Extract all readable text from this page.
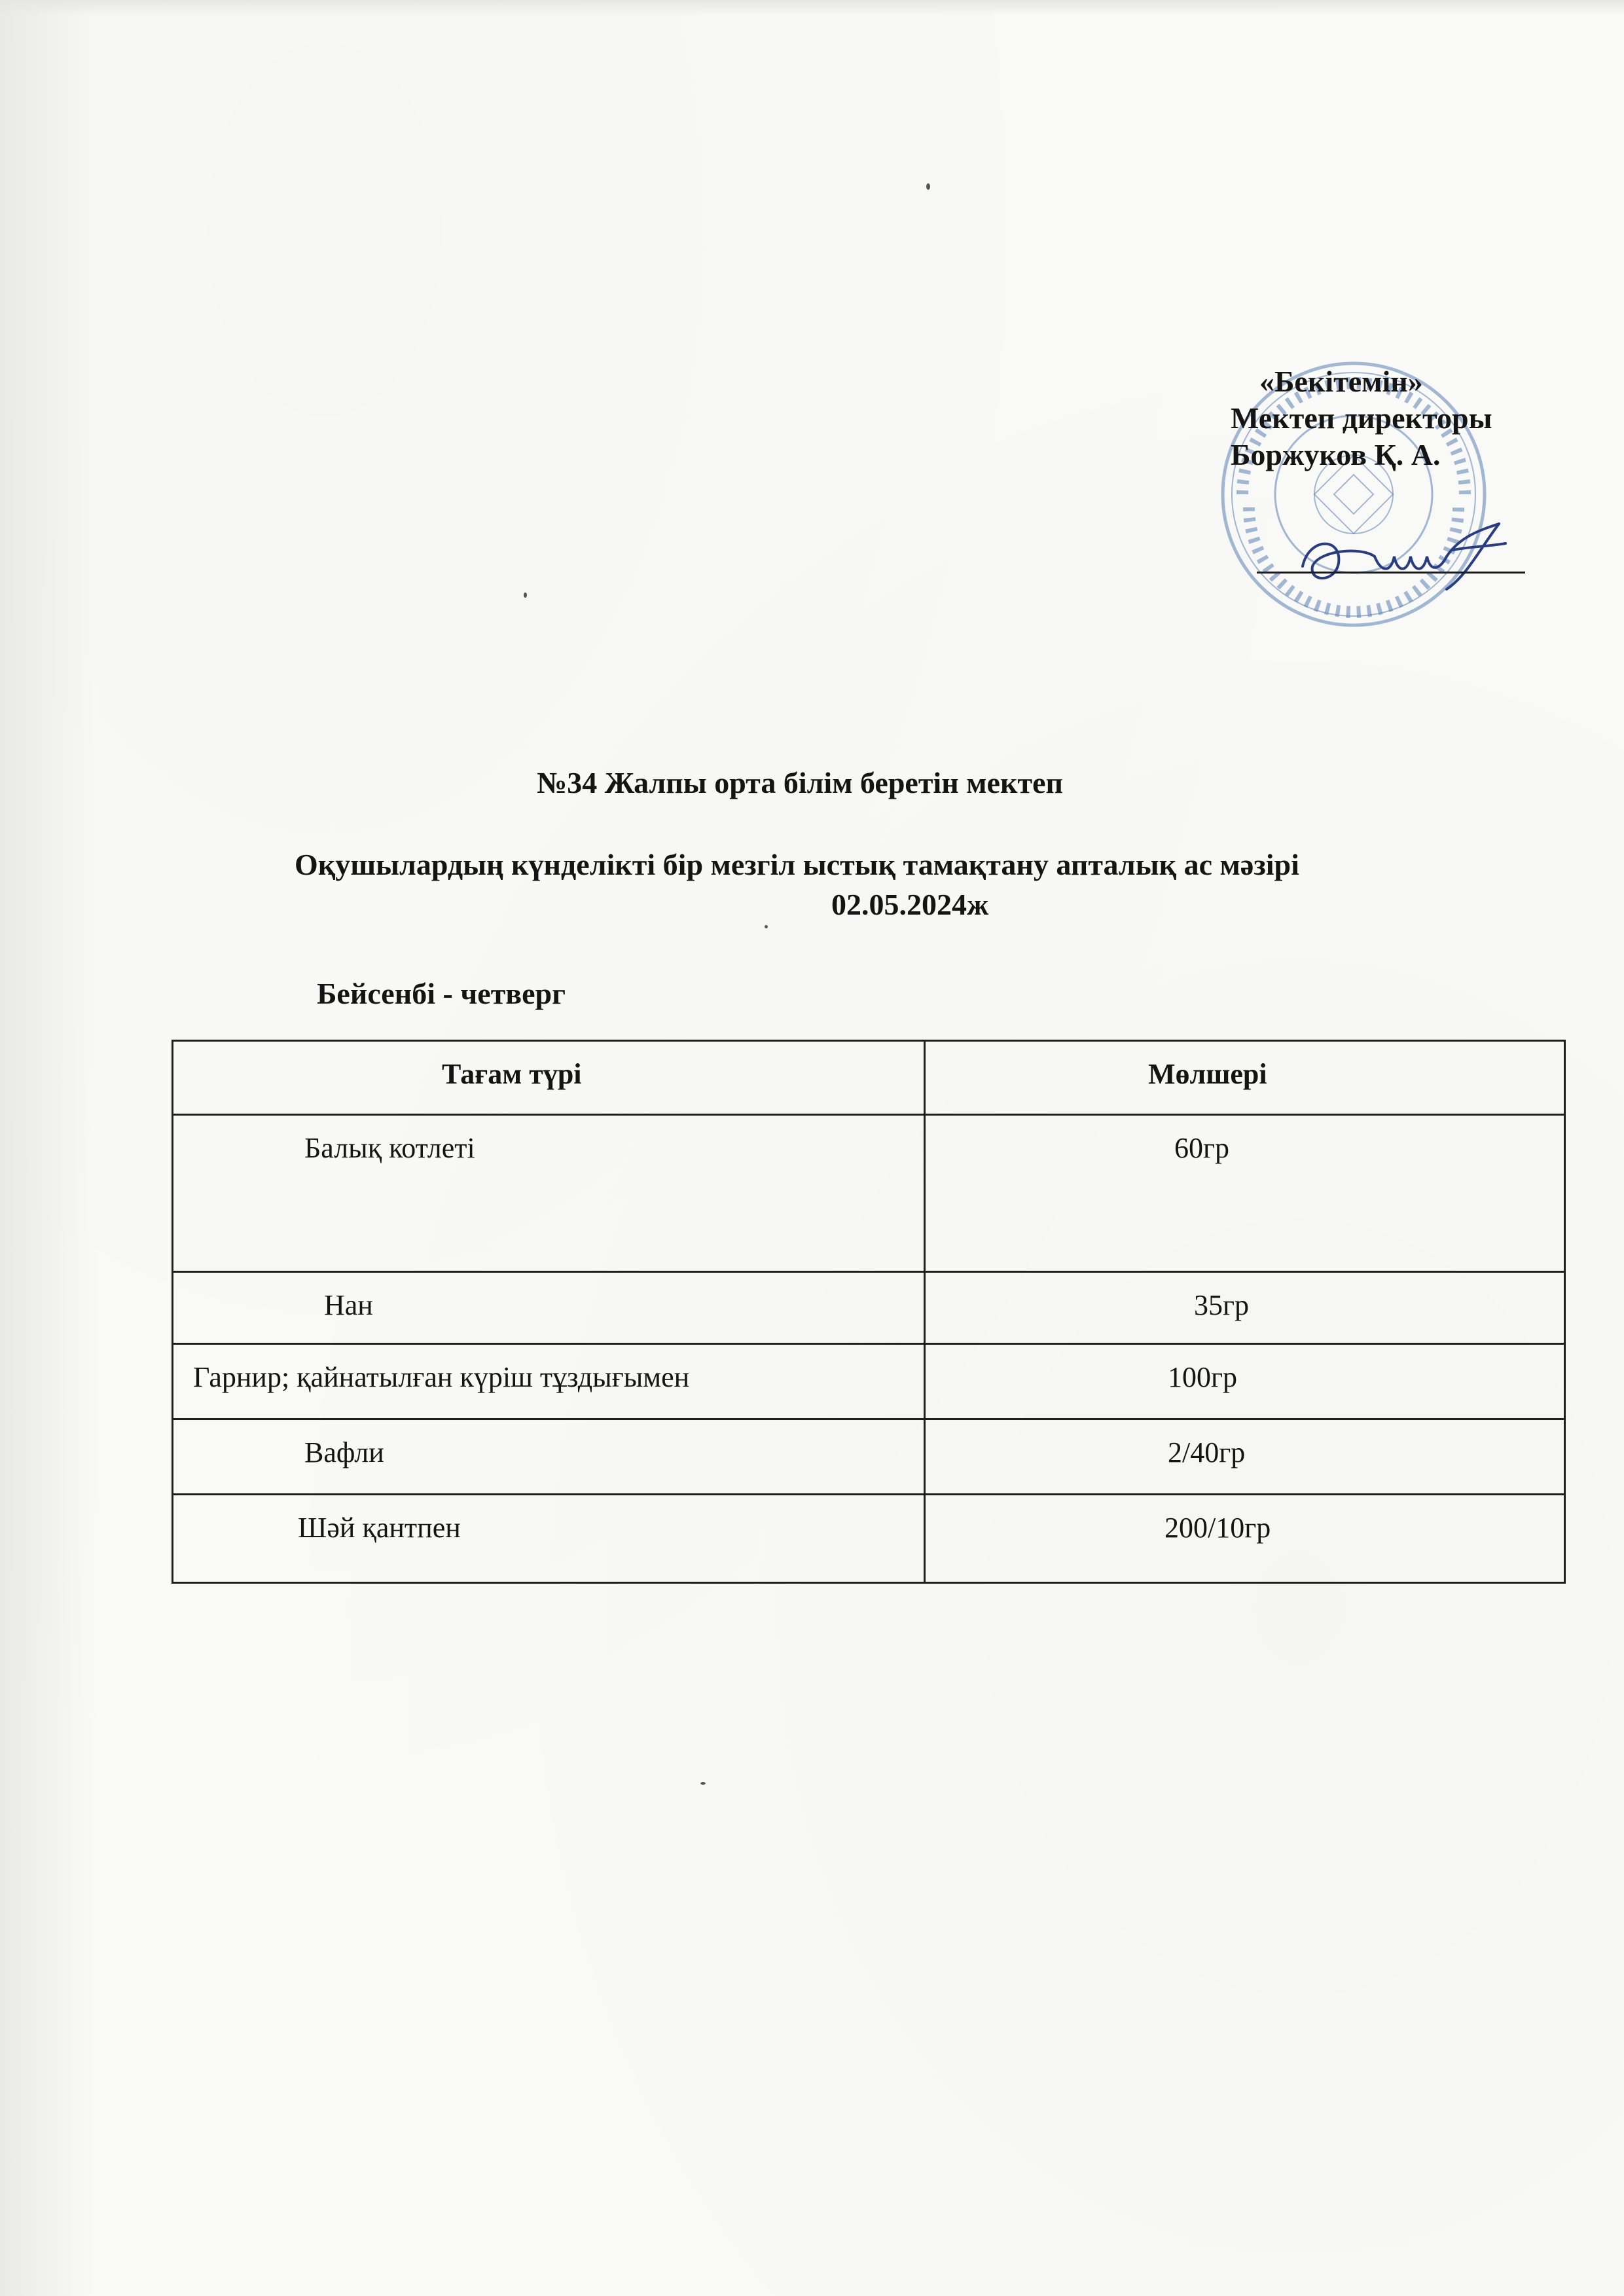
«Бекітемін»
Мектеп директоры
Боржуков Қ. А.
№34 Жалпы орта білім беретін мектеп
Оқушылардың күнделікті бір мезгіл ыстық тамақтану апталық ас мәзірі
02.05.2024ж
Бейсенбі - четверг
Тағам түрі	Мөлшері

Балық котлеті	60гр

Нан	35гр

Гарнир; қайнатылған күріш тұздығымен	100гр

Вафли	2/40гр

Шәй қантпен	200/10гр
